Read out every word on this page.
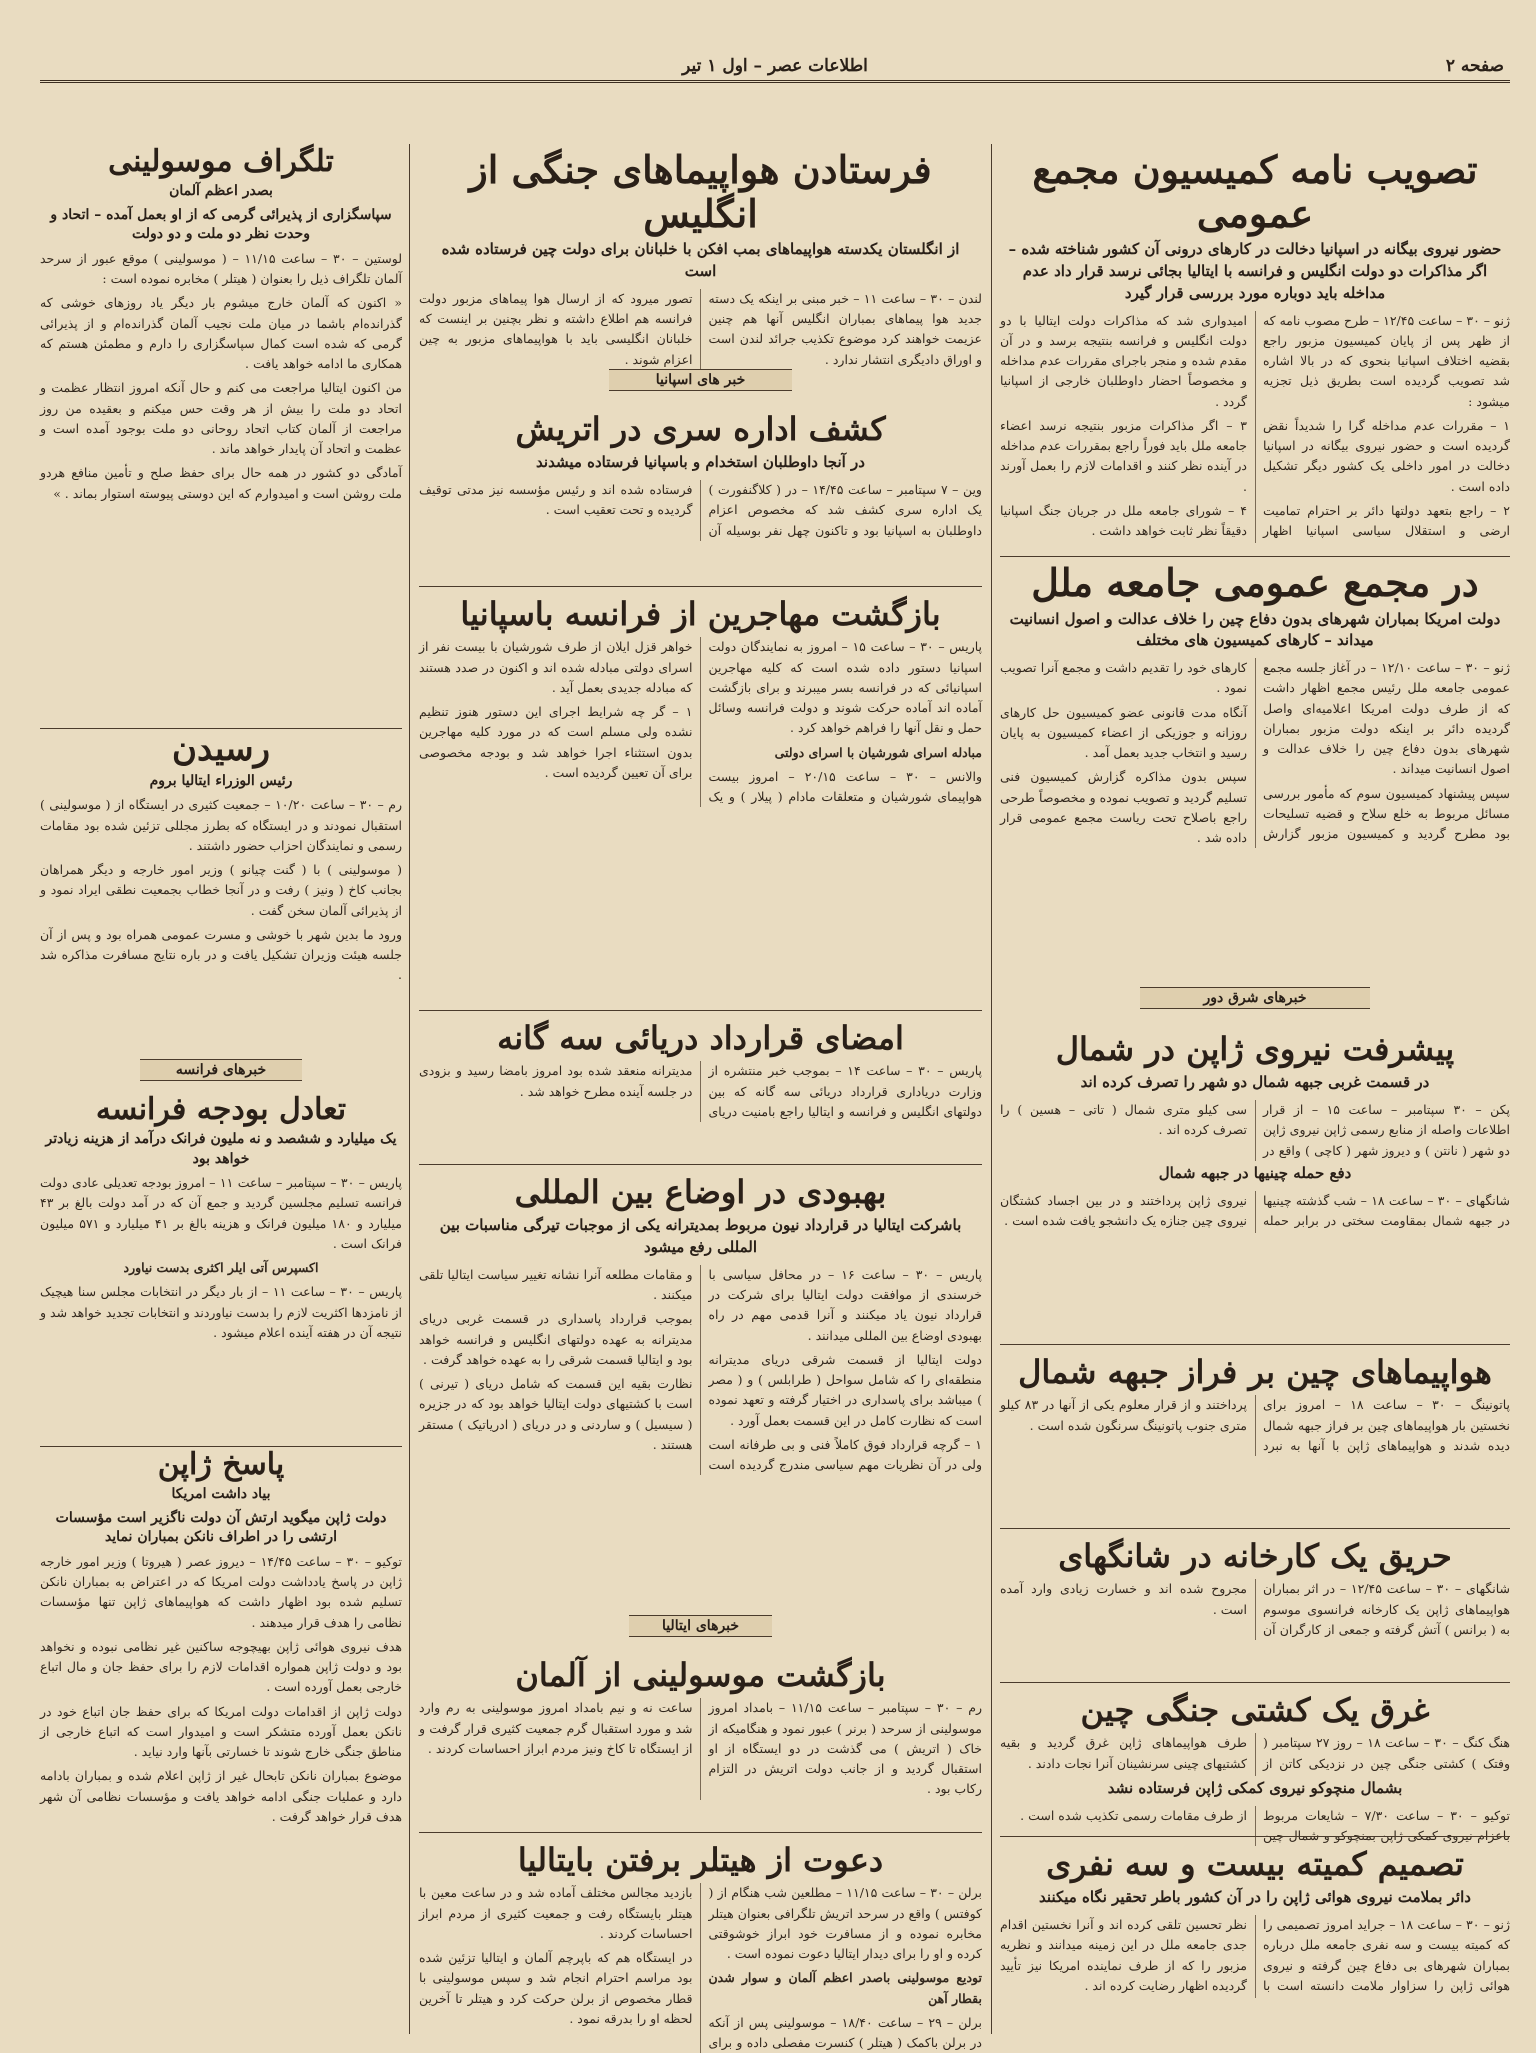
صفحه ۲
اطلاعات عصر – اول ۱ تیر
تصویب نامه کمیسیون مجمع عمومی
حضور نیروی بیگانه در اسپانیا دخالت در کارهای درونی آن کشور شناخته شده – اگر مذاکرات دو دولت انگلیس و فرانسه با ایتالیا بجائی نرسد قرار داد عدم مداخله باید دوباره مورد بررسی قرار گیرد

ژنو – ۳۰ – ساعت ۱۲/۴۵ – طرح مصوب نامه که از ظهر پس از پایان کمیسیون مزبور راجع بقضیه اختلاف اسپانیا بنحوی که در بالا اشاره شد تصویب گردیده است بطریق ذیل تجزیه میشود :

۱ – مقررات عدم مداخله گرا را شدیداً نقض گردیده است و حضور نیروی بیگانه در اسپانیا دخالت در امور داخلی یک کشور دیگر تشکیل داده است .

۲ – راجع بتعهد دولتها دائر بر احترام تمامیت ارضی و استقلال سیاسی اسپانیا اظهار امیدواری شد که مذاکرات دولت ایتالیا با دو دولت انگلیس و فرانسه بنتیجه برسد و در آن مقدم شده و منجر باجرای مقررات عدم مداخله و مخصوصاً احضار داوطلبان خارجی از اسپانیا گردد .

۳ – اگر مذاکرات مزبور بنتیجه نرسد اعضاء جامعه ملل باید فوراً راجع بمقررات عدم مداخله در آینده نظر کنند و اقدامات لازم را بعمل آورند .

۴ – شورای جامعه ملل در جریان جنگ اسپانیا دقیقاً نظر ثابت خواهد داشت .

در مجمع عمومی جامعه ملل
دولت امریکا بمباران شهرهای بدون دفاع چین را خلاف عدالت و اصول انسانیت میداند – کارهای کمیسیون های مختلف

ژنو – ۳۰ – ساعت ۱۲/۱۰ – در آغاز جلسه مجمع عمومی جامعه ملل رئیس مجمع اظهار داشت که از طرف دولت امریکا اعلامیه‌ای واصل گردیده دائر بر اینکه دولت مزبور بمباران شهرهای بدون دفاع چین را خلاف عدالت و اصول انسانیت میداند .

سپس پیشنهاد کمیسیون سوم که مأمور بررسی مسائل مربوط به خلع سلاح و قضیه تسلیحات بود مطرح گردید و کمیسیون مزبور گزارش کارهای خود را تقدیم داشت و مجمع آنرا تصویب نمود .

آنگاه مدت قانونی عضو کمیسیون حل کارهای روزانه و جوزیکی از اعضاء کمیسیون به پایان رسید و انتخاب جدید بعمل آمد .

سپس بدون مذاکره گزارش کمیسیون فنی تسلیم گردید و تصویب نموده و مخصوصاً طرحی راجع باصلاح تحت ریاست مجمع عمومی قرار داده شد .

خبرهای شرق دور
پیشرفت نیروی ژاپن در شمال
در قسمت غربی جبهه شمال دو شهر را تصرف کرده اند

پکن – ۳۰ سپتامبر – ساعت ۱۵ – از قرار اطلاعات واصله از منابع رسمی ژاپن نیروی ژاپن دو شهر ( نانتن ) و دیروز شهر ( کاچی ) واقع در سی کیلو متری شمال ( تاتی – هسین ) را تصرف کرده اند .

دفع حمله چینیها در جبهه شمال

شانگهای – ۳۰ – ساعت ۱۸ – شب گذشته چینیها در جبهه شمال بمقاومت سختی در برابر حمله نیروی ژاپن پرداختند و در بین اجساد کشتگان نیروی چین جنازه یک دانشجو یافت شده است .

هواپیماهای چین بر فراز جبهه شمال

پاتونینگ – ۳۰ – ساعت ۱۸ – امروز برای نخستین بار هواپیماهای چین بر فراز جبهه شمال دیده شدند و هواپیماهای ژاپن با آنها به نبرد پرداختند و از قرار معلوم یکی از آنها در ۸۳ کیلو متری جنوب پاتونینگ سرنگون شده است .

حریق یک کارخانه در شانگهای

شانگهای – ۳۰ – ساعت ۱۲/۴۵ – در اثر بمباران هواپیماهای ژاپن یک کارخانه فرانسوی موسوم به ( برانس ) آتش گرفته و جمعی از کارگران آن مجروح شده اند و خسارت زیادی وارد آمده است .

غرق یک کشتی جنگی چین

هنگ کنگ – ۳۰ – ساعت ۱۸ – روز ۲۷ سپتامبر ( وفتک ) کشتی جنگی چین در نزدیکی کاتن از طرف هواپیماهای ژاپن غرق گردید و بقیه کشتیهای چینی سرنشینان آنرا نجات دادند .

بشمال منچوکو نیروی کمکی ژاپن فرستاده نشد

توکیو – ۳۰ – ساعت ۷/۳۰ – شایعات مربوط باعزام نیروی کمکی ژاپن بمنچوکو و شمال چین از طرف مقامات رسمی تکذیب شده است .

تصمیم کمیته بیست و سه نفری
دائر بملامت نیروی هوائی ژاپن را در آن کشور باطر تحقیر نگاه میکنند

ژنو – ۳۰ – ساعت ۱۸ – جراید امروز تصمیمی را که کمیته بیست و سه نفری جامعه ملل درباره بمباران شهرهای بی دفاع چین گرفته و نیروی هوائی ژاپن را سزاوار ملامت دانسته است با نظر تحسین تلقی کرده اند و آنرا نخستین اقدام جدی جامعه ملل در این زمینه میدانند و نظریه مزبور را که از طرف نماینده امریکا نیز تأیید گردیده اظهار رضایت کرده اند .

فرستادن هواپیماهای جنگی از انگلیس
از انگلستان یکدسته هواپیماهای بمب افکن با خلبانان برای دولت چین فرستاده شده است

لندن – ۳۰ – ساعت ۱۱ – خبر مبنی بر اینکه یک دسته جدید هوا پیماهای بمباران انگلیس آنها هم چنین عزیمت خواهند کرد موضوع تکذیب جرائد لندن است و اوراق دادیگری انتشار ندارد .

تصور میرود که از ارسال هوا پیماهای مزبور دولت فرانسه هم اطلاع داشته و نظر بچنین بر اینست که خلبانان انگلیسی باید با هواپیماهای مزبور به چین اعزام شوند .

خبر های اسپانیا
کشف اداره سری در اتریش
در آنجا داوطلبان استخدام و باسپانیا فرستاده میشدند

وین – ۷ سپتامبر – ساعت ۱۴/۴۵ – در ( کلاگنفورت ) یک اداره سری کشف شد که مخصوص اعزام داوطلبان به اسپانیا بود و تاکنون چهل نفر بوسیله آن فرستاده شده اند و رئیس مؤسسه نیز مدتی توقیف گردیده و تحت تعقیب است .

بازگشت مهاجرین از فرانسه باسپانیا

پاریس – ۳۰ – ساعت ۱۵ – امروز به نمایندگان دولت اسپانیا دستور داده شده است که کلیه مهاجرین اسپانیائی که در فرانسه بسر میبرند و برای بازگشت آماده اند آماده حرکت شوند و دولت فرانسه وسائل حمل و نقل آنها را فراهم خواهد کرد .

مبادله اسرای شورشیان با اسرای دولتی

والانس – ۳۰ – ساعت ۲۰/۱۵ – امروز بیست هواپیمای شورشیان و متعلقات مادام ( پیلار ) و یک خواهر قزل ایلان از طرف شورشیان با بیست نفر از اسرای دولتی مبادله شده اند و اکنون در صدد هستند که مبادله جدیدی بعمل آید .

۱ – گر چه شرایط اجرای این دستور هنوز تنظیم نشده ولی مسلم است که در مورد کلیه مهاجرین بدون استثناء اجرا خواهد شد و بودجه مخصوصی برای آن تعیین گردیده است .

امضای قرارداد دریائی سه گانه

پاریس – ۳۰ – ساعت ۱۴ – بموجب خبر منتشره از وزارت دریاداری قرارداد دریائی سه گانه که بین دولتهای انگلیس و فرانسه و ایتالیا راجع بامنیت دریای مدیترانه منعقد شده بود امروز بامضا رسید و بزودی در جلسه آینده مطرح خواهد شد .

بهبودی در اوضاع بین المللی
باشرکت ایتالیا در قرارداد نیون مربوط بمدیترانه یکی از موجبات تیرگی مناسبات بین المللی رفع میشود

پاریس – ۳۰ – ساعت ۱۶ – در محافل سیاسی با خرسندی از موافقت دولت ایتالیا برای شرکت در قرارداد نیون یاد میکنند و آنرا قدمی مهم در راه بهبودی اوضاع بین المللی میدانند .

دولت ایتالیا از قسمت شرقی دریای مدیترانه منطقه‌ای را که شامل سواحل ( طرابلس ) و ( مصر ) میباشد برای پاسداری در اختیار گرفته و تعهد نموده است که نظارت کامل در این قسمت بعمل آورد .

۱ – گرچه قرارداد فوق کاملاً فنی و بی طرفانه است ولی در آن نظریات مهم سیاسی مندرج گردیده است و مقامات مطلعه آنرا نشانه تغییر سیاست ایتالیا تلقی میکنند .

بموجب قرارداد پاسداری در قسمت غربی دریای مدیترانه به عهده دولتهای انگلیس و فرانسه خواهد بود و ایتالیا قسمت شرقی را به عهده خواهد گرفت .

نظارت بقیه این قسمت که شامل دریای ( تیرنی ) است با کشتیهای دولت ایتالیا خواهد بود که در جزیره ( سیسیل ) و ساردنی و در دریای ( ادریاتیک ) مستقر هستند .

خبرهای ایتالیا
بازگشت موسولینی از آلمان

رم – ۳۰ – سپتامبر – ساعت ۱۱/۱۵ – بامداد امروز موسولینی از سرحد ( برنر ) عبور نمود و هنگامیکه از خاک ( اتریش ) می گذشت در دو ایستگاه از او استقبال گردید و از جانب دولت اتریش در التزام رکاب بود .

ساعت نه و نیم بامداد امروز موسولینی به رم وارد شد و مورد استقبال گرم جمعیت کثیری قرار گرفت و از ایستگاه تا کاخ ونیز مردم ابراز احساسات کردند .

دعوت از هیتلر برفتن بایتالیا

برلن – ۳۰ – ساعت ۱۱/۱۵ – مطلعین شب هنگام از ( کوفتس ) واقع در سرحد اتریش تلگرافی بعنوان هیتلر مخابره نموده و از مسافرت خود ابراز خوشوقتی کرده و او را برای دیدار ایتالیا دعوت نموده است .

تودیع موسولینی باصدر اعظم آلمان و سوار شدن بقطار آهن

برلن – ۲۹ – ساعت ۱۸/۴۰ – موسولینی پس از آنکه در برلن باکمک ( هیتلر ) کنسرت مفصلی داده و برای بازدید مجالس مختلف آماده شد و در ساعت معین با هیتلر بایستگاه رفت و جمعیت کثیری از مردم ابراز احساسات کردند .

در ایستگاه هم که باپرچم آلمان و ایتالیا تزئین شده بود مراسم احترام انجام شد و سپس موسولینی با قطار مخصوص از برلن حرکت کرد و هیتلر تا آخرین لحظه او را بدرقه نمود .

تلگراف موسولینی
بصدر اعظم آلمان
سپاسگزاری از پذیرائی گرمی که از او بعمل آمده – اتحاد و وحدت نظر دو ملت و دو دولت

لوستین – ۳۰ – ساعت ۱۱/۱۵ – ( موسولینی ) موقع عبور از سرحد آلمان تلگراف ذیل را بعنوان ( هیتلر ) مخابره نموده است :

« اکنون که آلمان خارج میشوم بار دیگر یاد روزهای خوشی که گذرانده‌ام باشما در میان ملت نجیب آلمان گذرانده‌ام و از پذیرائی گرمی که شده است کمال سپاسگزاری را دارم و مطمئن هستم که همکاری ما ادامه خواهد یافت .

من اکنون ایتالیا مراجعت می کنم و حال آنکه امروز انتظار عظمت و اتحاد دو ملت را بیش از هر وقت حس میکنم و بعقیده من روز مراجعت از آلمان کتاب اتحاد روحانی دو ملت بوجود آمده است و عظمت و اتحاد آن پایدار خواهد ماند .

آمادگی دو کشور در همه حال برای حفظ صلح و تأمین منافع هردو ملت روشن است و امیدوارم که این دوستی پیوسته استوار بماند . »

رسیدن
رئیس الوزراء ایتالیا بروم

رم – ۳۰ – ساعت ۱۰/۲۰ – جمعیت کثیری در ایستگاه از ( موسولینی ) استقبال نمودند و در ایستگاه که بطرز مجللی تزئین شده بود مقامات رسمی و نمایندگان احزاب حضور داشتند .

( موسولینی ) با ( گنت چیانو ) وزیر امور خارجه و دیگر همراهان بجانب کاخ ( ونیز ) رفت و در آنجا خطاب بجمعیت نطقی ایراد نمود و از پذیرائی آلمان سخن گفت .

ورود ما بدین شهر با خوشی و مسرت عمومی همراه بود و پس از آن جلسه هیئت وزیران تشکیل یافت و در باره نتایج مسافرت مذاکره شد .

خبرهای فرانسه
تعادل بودجه فرانسه
یک میلیارد و ششصد و نه ملیون فرانک درآمد از هزینه زیادتر خواهد بود

پاریس – ۳۰ – سپتامبر – ساعت ۱۱ – امروز بودجه تعدیلی عادی دولت فرانسه تسلیم مجلسین گردید و جمع آن که در آمد دولت بالغ بر ۴۳ میلیارد و ۱۸۰ میلیون فرانک و هزینه بالغ بر ۴۱ میلیارد و ۵۷۱ میلیون فرانک است .

اکسپرس آتی ایلر اکثری بدست نیاورد

پاریس – ۳۰ – ساعت ۱۱ – از بار دیگر در انتخابات مجلس سنا هیچیک از نامزدها اکثریت لازم را بدست نیاوردند و انتخابات تجدید خواهد شد و نتیجه آن در هفته آینده اعلام میشود .

پاسخ ژاپن
بیاد داشت امریکا
دولت ژاپن میگوید ارتش آن دولت ناگزیر است مؤسسات ارتشی را در اطراف نانکن بمباران نماید

توکیو – ۳۰ – ساعت ۱۴/۴۵ – دیروز عصر ( هیروتا ) وزیر امور خارجه ژاپن در پاسخ یادداشت دولت امریکا که در اعتراض به بمباران نانکن تسلیم شده بود اظهار داشت که هواپیماهای ژاپن تنها مؤسسات نظامی را هدف قرار میدهند .

هدف نیروی هوائی ژاپن بهیچوجه ساکنین غیر نظامی نبوده و نخواهد بود و دولت ژاپن همواره اقدامات لازم را برای حفظ جان و مال اتباع خارجی بعمل آورده است .

دولت ژاپن از اقدامات دولت امریکا که برای حفظ جان اتباع خود در نانکن بعمل آورده متشکر است و امیدوار است که اتباع خارجی از مناطق جنگی خارج شوند تا خسارتی بآنها وارد نیاید .

موضوع بمباران نانکن تابحال غیر از ژاپن اعلام شده و بمباران بادامه دارد و عملیات جنگی ادامه خواهد یافت و مؤسسات نظامی آن شهر هدف قرار خواهد گرفت .
